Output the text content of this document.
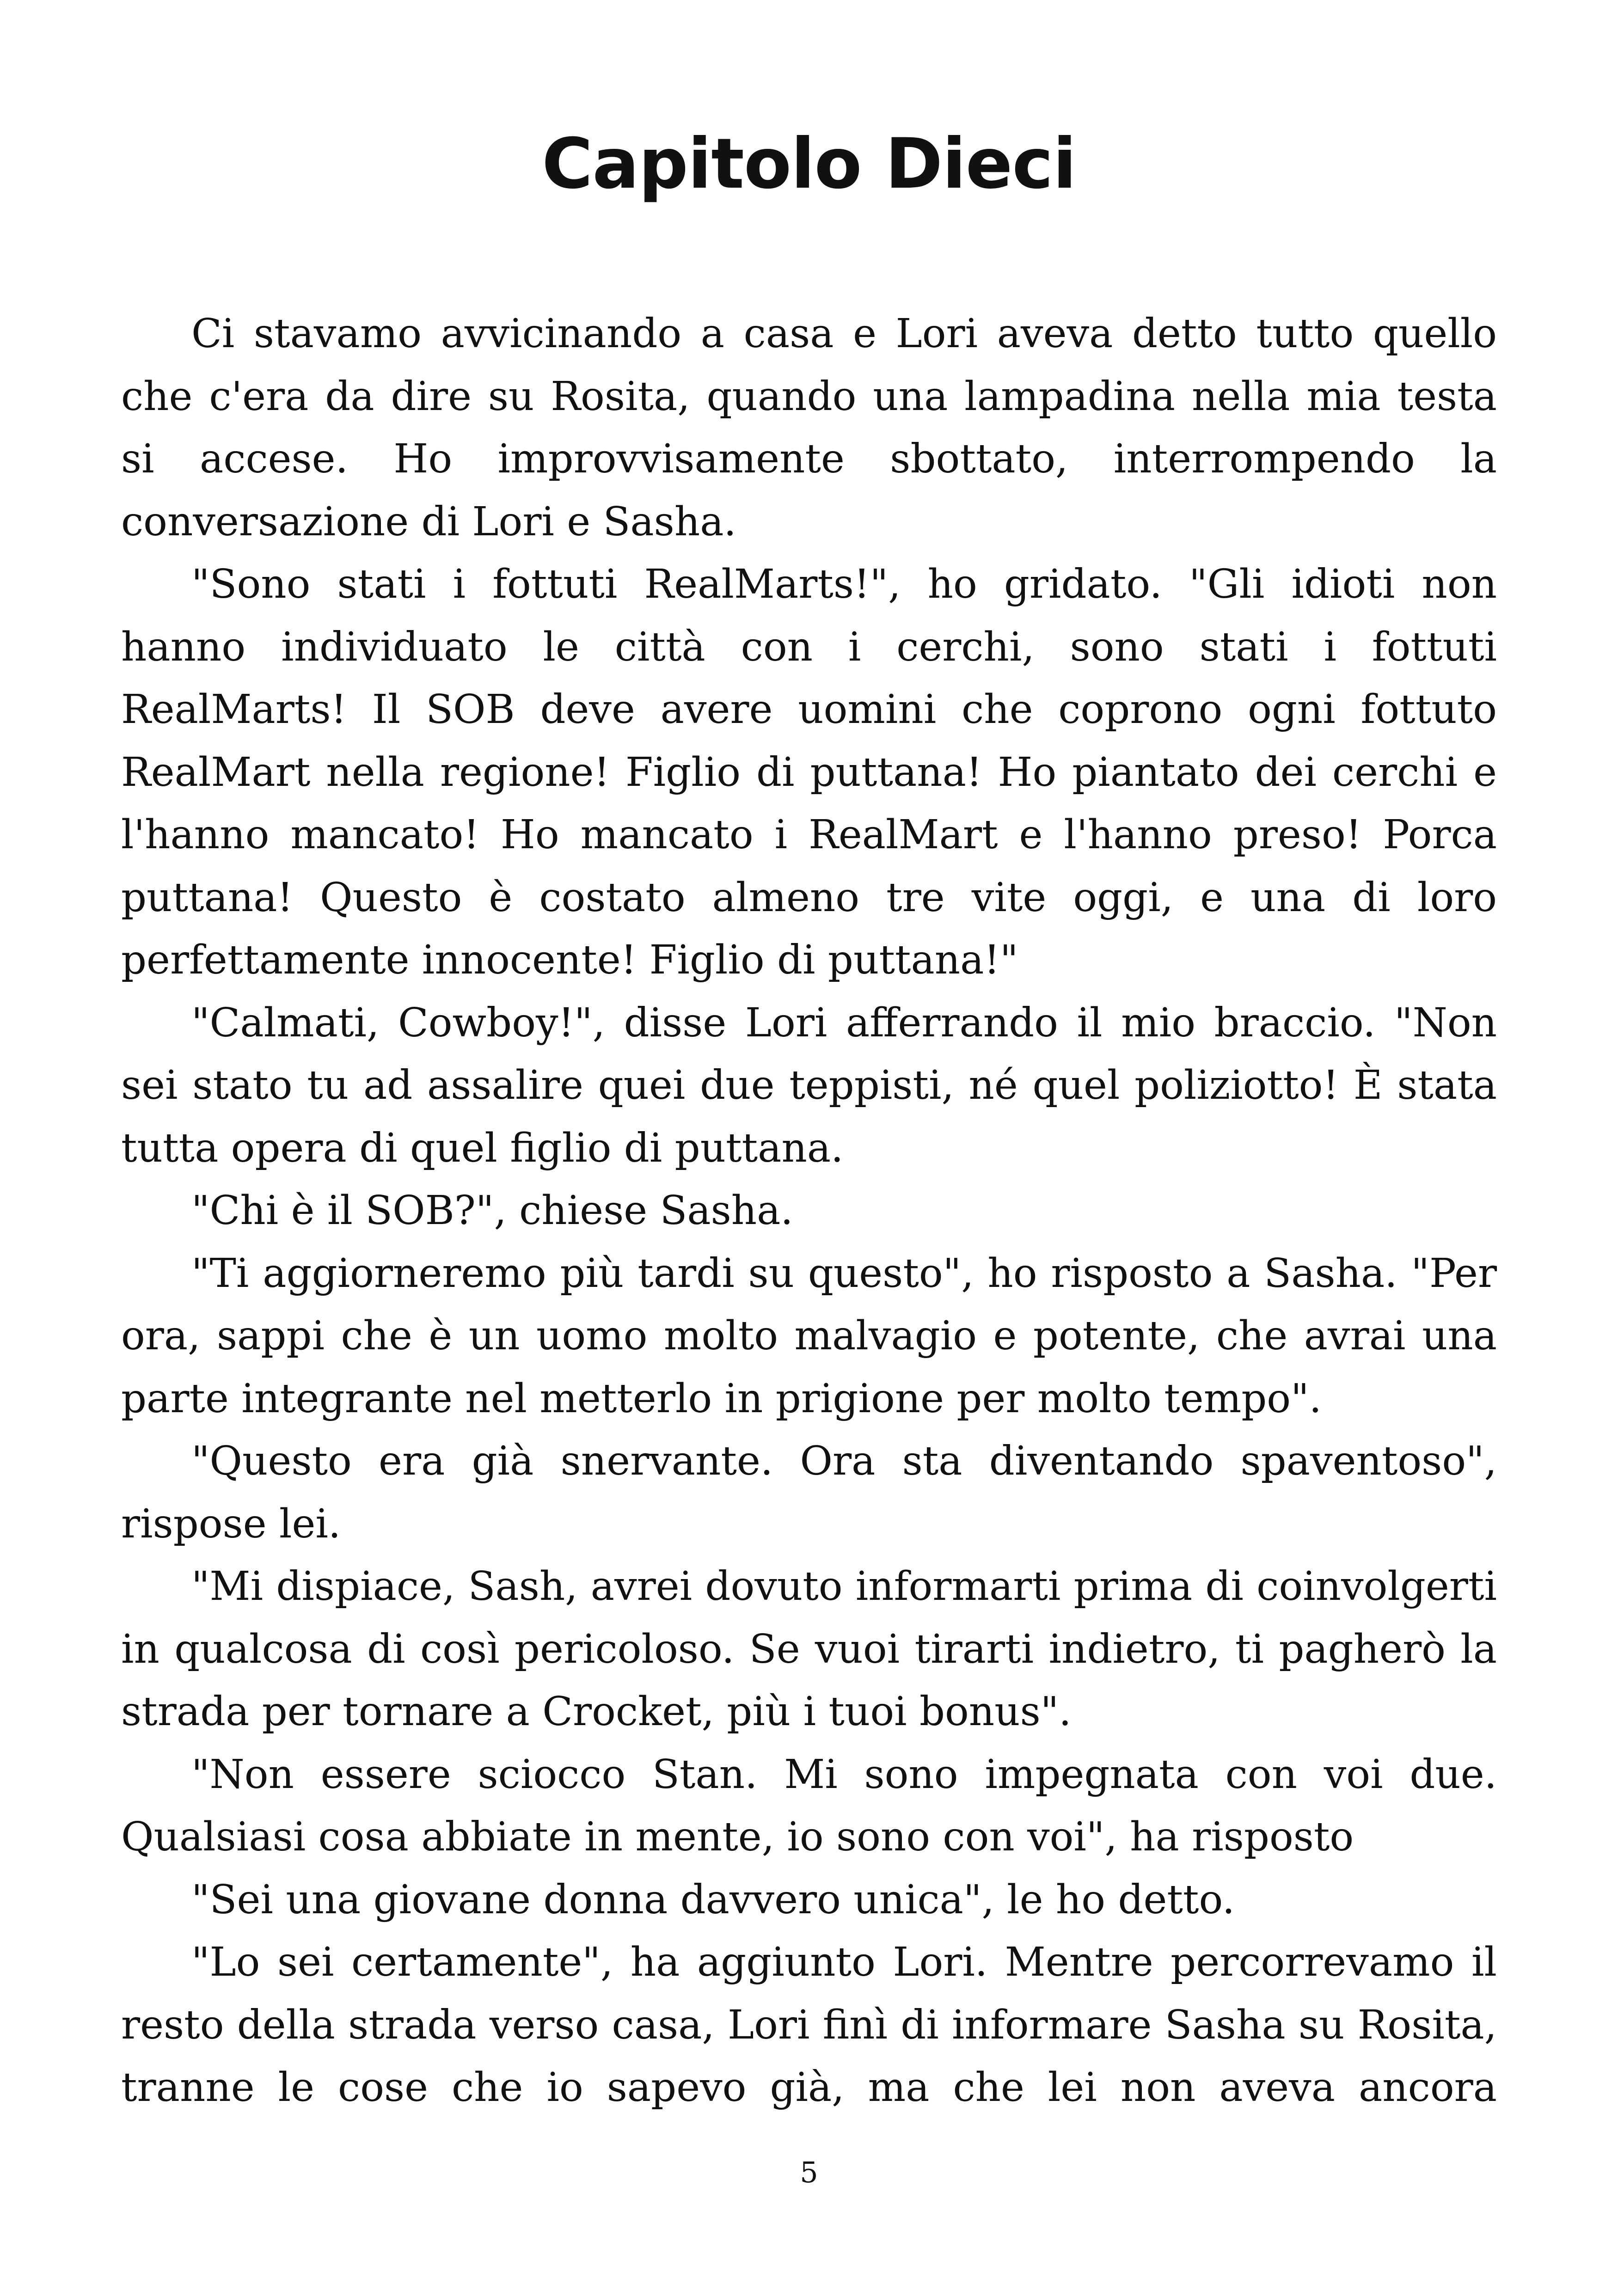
Capitolo Dieci

Ci stavamo avvicinando a casa e Lori aveva detto tutto quello che c'era da dire su Rosita, quando una lampadina nella mia testa si accese. Ho improvvisamente sbottato, interrompendo la conversazione di Lori e Sasha.

"Sono stati i fottuti RealMarts!", ho gridato. "Gli idioti non hanno individuato le città con i cerchi, sono stati i fottuti RealMarts! Il SOB deve avere uomini che coprono ogni fottuto RealMart nella regione! Figlio di puttana! Ho piantato dei cerchi e l'hanno mancato! Ho mancato i RealMart e l'hanno preso! Porca puttana! Questo è costato almeno tre vite oggi, e una di loro perfettamente innocente! Figlio di puttana!"

"Calmati, Cowboy!", disse Lori afferrando il mio braccio. "Non sei stato tu ad assalire quei due teppisti, né quel poliziotto! È stata tutta opera di quel figlio di puttana.

"Chi è il SOB?", chiese Sasha.

"Ti aggiorneremo più tardi su questo", ho risposto a Sasha. "Per ora, sappi che è un uomo molto malvagio e potente, che avrai una parte integrante nel metterlo in prigione per molto tempo".

"Questo era già snervante. Ora sta diventando spaventoso", rispose lei.

"Mi dispiace, Sash, avrei dovuto informarti prima di coinvolgerti in qualcosa di così pericoloso. Se vuoi tirarti indietro, ti pagherò la strada per tornare a Crocket, più i tuoi bonus".

"Non essere sciocco Stan. Mi sono impegnata con voi due. Qualsiasi cosa abbiate in mente, io sono con voi", ha risposto

"Sei una giovane donna davvero unica", le ho detto.

"Lo sei certamente", ha aggiunto Lori. Mentre percorrevamo il resto della strada verso casa, Lori finì di informare Sasha su Rosita, tranne le cose che io sapevo già, ma che lei non aveva ancora

5
